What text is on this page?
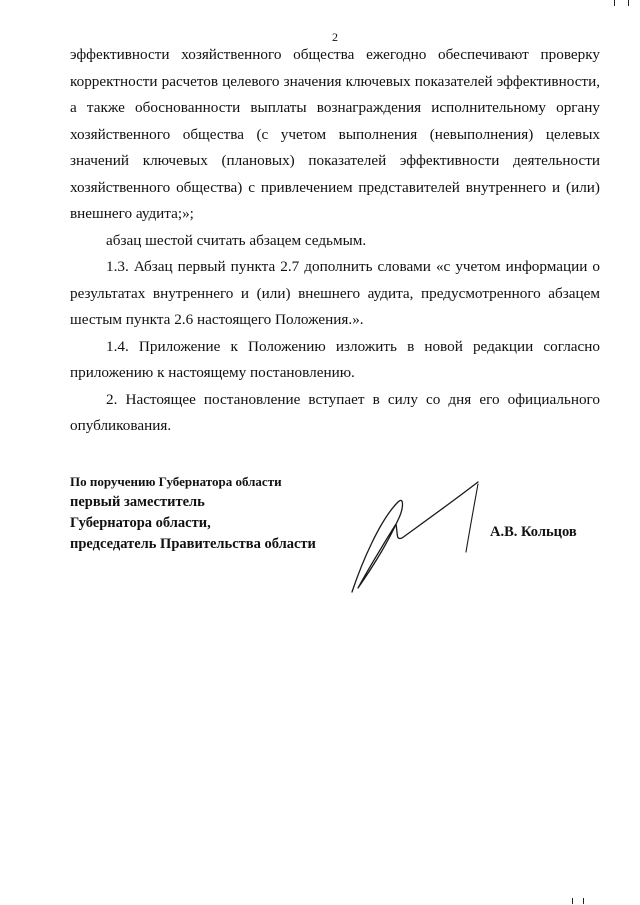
2

эффективности хозяйственного общества ежегодно обеспечивают проверку корректности расчетов целевого значения ключевых показателей эффективности, а также обоснованности выплаты вознаграждения исполнительному органу хозяйственного общества (с учетом выполнения (невыполнения) целевых значений ключевых (плановых) показателей эффективности деятельности хозяйственного общества) с привлечением представителей внутреннего и (или) внешнего аудита;»;

абзац шестой считать абзацем седьмым.

1.3. Абзац первый пункта 2.7 дополнить словами «с учетом информации о результатах внутреннего и (или) внешнего аудита, предусмотренного абзацем шестым пункта 2.6 настоящего Положения.».

1.4. Приложение к Положению изложить в новой редакции согласно приложению к настоящему постановлению.

2. Настоящее постановление вступает в силу со дня его официального опубликования.

По поручению Губернатора области
первый заместитель
Губернатора области,
председатель Правительства области
А.В. Кольцов
